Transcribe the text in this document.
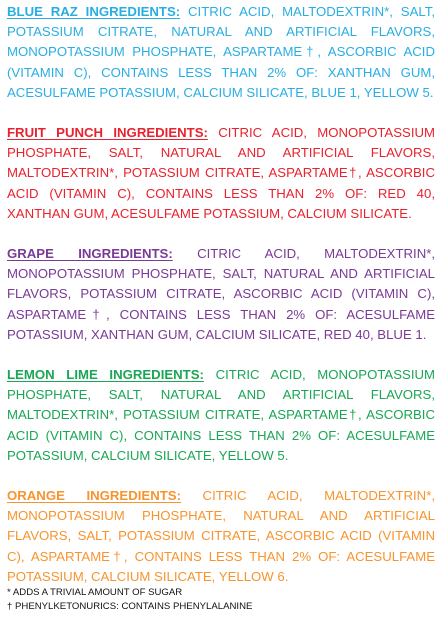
BLUE RAZ INGREDIENTS: CITRIC ACID, MALTODEXTRIN*, SALT, POTASSIUM CITRATE, NATURAL AND ARTIFICIAL FLAVORS, MONOPOTASSIUM PHOSPHATE, ASPARTAME†, ASCORBIC ACID (VITAMIN C), CONTAINS LESS THAN 2% OF: XANTHAN GUM, ACESULFAME POTASSIUM, CALCIUM SILICATE, BLUE 1, YELLOW 5.

FRUIT PUNCH INGREDIENTS: CITRIC ACID, MONOPOTASSIUM PHOSPHATE, SALT, NATURAL AND ARTIFICIAL FLAVORS, MALTODEXTRIN*, POTASSIUM CITRATE, ASPARTAME†, ASCORBIC ACID (VITAMIN C), CONTAINS LESS THAN 2% OF: RED 40, XANTHAN GUM, ACESULFAME POTASSIUM, CALCIUM SILICATE.

GRAPE INGREDIENTS: CITRIC ACID, MALTODEXTRIN*, MONOPOTASSIUM PHOSPHATE, SALT, NATURAL AND ARTIFICIAL FLAVORS, POTASSIUM CITRATE, ASCORBIC ACID (VITAMIN C), ASPARTAME†, CONTAINS LESS THAN 2% OF: ACESULFAME POTASSIUM, XANTHAN GUM, CALCIUM SILICATE, RED 40, BLUE 1.

LEMON LIME INGREDIENTS: CITRIC ACID, MONOPOTASSIUM PHOSPHATE, SALT, NATURAL AND ARTIFICIAL FLAVORS, MALTODEXTRIN*, POTASSIUM CITRATE, ASPARTAME†, ASCORBIC ACID (VITAMIN C), CONTAINS LESS THAN 2% OF: ACESULFAME POTASSIUM, CALCIUM SILICATE, YELLOW 5.

ORANGE INGREDIENTS: CITRIC ACID, MALTODEXTRIN*, MONOPOTASSIUM PHOSPHATE, NATURAL AND ARTIFICIAL FLAVORS, SALT, POTASSIUM CITRATE, ASCORBIC ACID (VITAMIN C), ASPARTAME†, CONTAINS LESS THAN 2% OF: ACESULFAME POTASSIUM, CALCIUM SILICATE, YELLOW 6.

* ADDS A TRIVIAL AMOUNT OF SUGAR
† PHENYLKETONURICS: CONTAINS PHENYLALANINE
